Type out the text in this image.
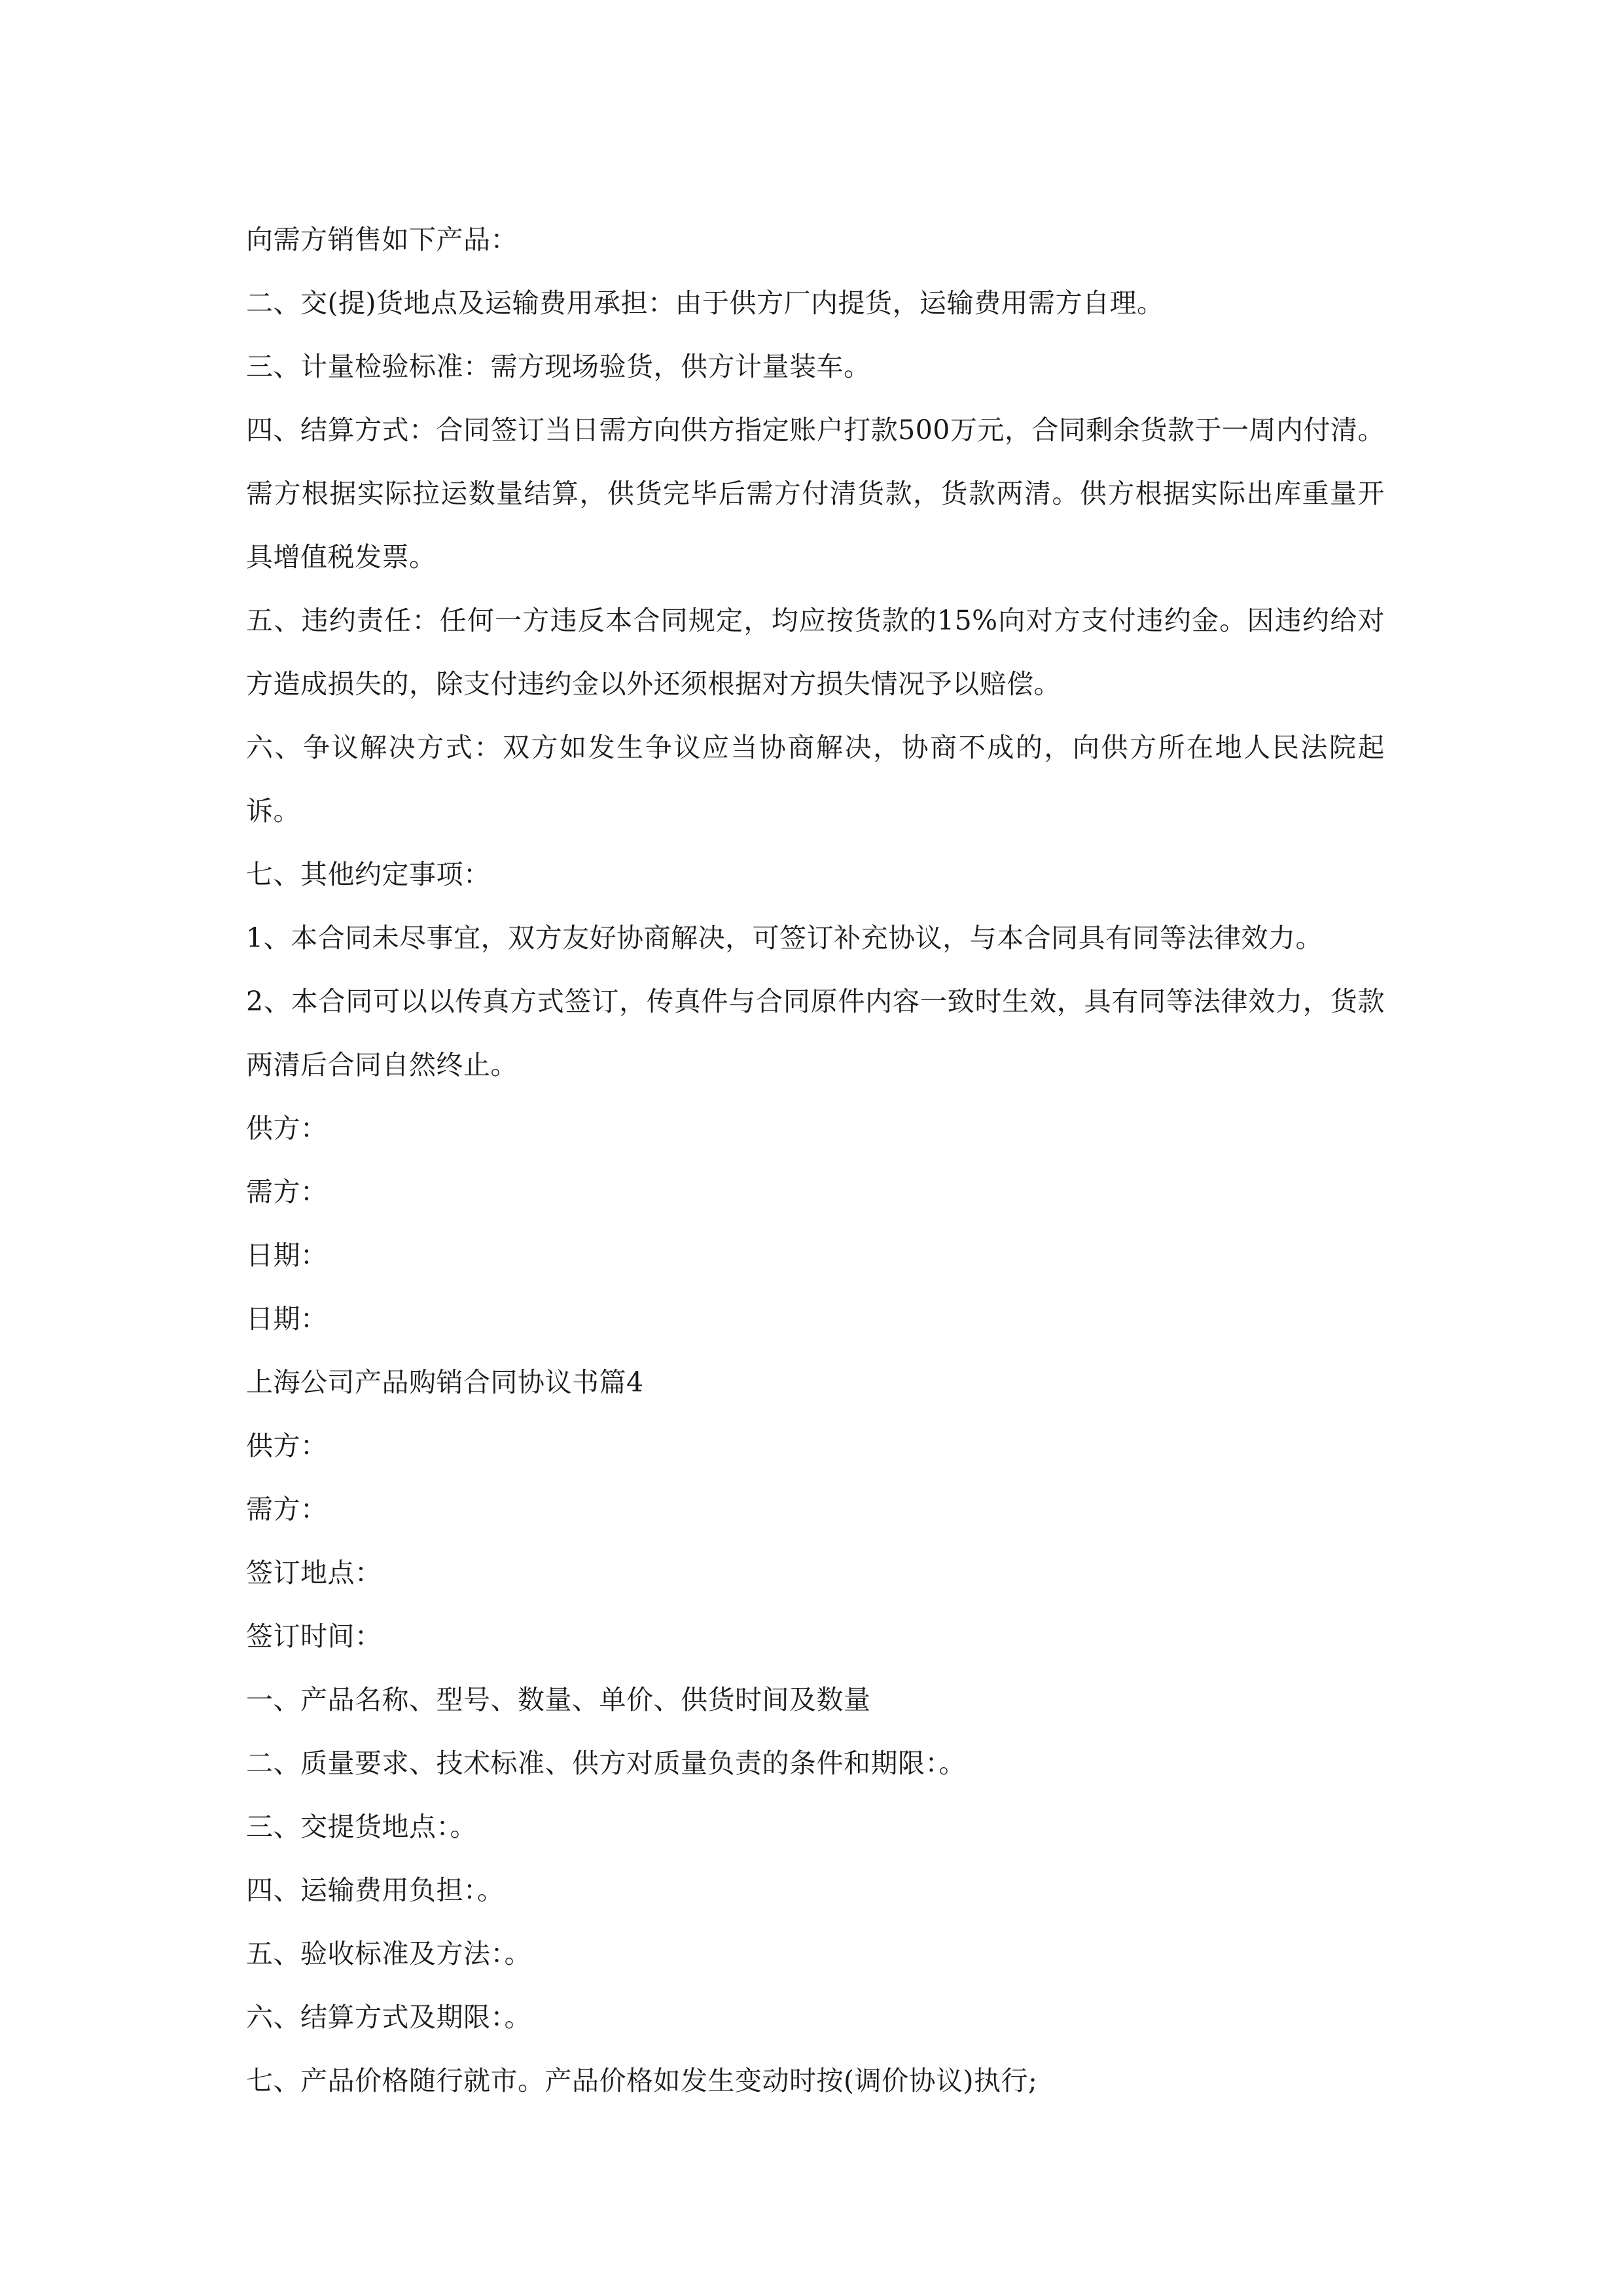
向需方销售如下产品：
二、交(提)货地点及运输费用承担：由于供方厂内提货，运输费用需方自理。
三、计量检验标准：需方现场验货，供方计量装车。
四、结算方式：合同签订当日需方向供方指定账户打款500万元，合同剩余货款于一周内付清。需方根据实际拉运数量结算，供货完毕后需方付清货款，货款两清。供方根据实际出库重量开具增值税发票。
五、违约责任：任何一方违反本合同规定，均应按货款的15%向对方支付违约金。因违约给对方造成损失的，除支付违约金以外还须根据对方损失情况予以赔偿。
六、争议解决方式：双方如发生争议应当协商解决，协商不成的，向供方所在地人民法院起诉。
七、其他约定事项：
1、本合同未尽事宜，双方友好协商解决，可签订补充协议，与本合同具有同等法律效力。
2、本合同可以以传真方式签订，传真件与合同原件内容一致时生效，具有同等法律效力，货款两清后合同自然终止。
供方：
需方：
日期：
日期：
上海公司产品购销合同协议书篇4
供方：
需方：
签订地点：
签订时间：
一、产品名称、型号、数量、单价、供货时间及数量
二、质量要求、技术标准、供方对质量负责的条件和期限：。
三、交提货地点：。
四、运输费用负担：。
五、验收标准及方法：。
六、结算方式及期限：。
七、产品价格随行就市。产品价格如发生变动时按(调价协议)执行;
